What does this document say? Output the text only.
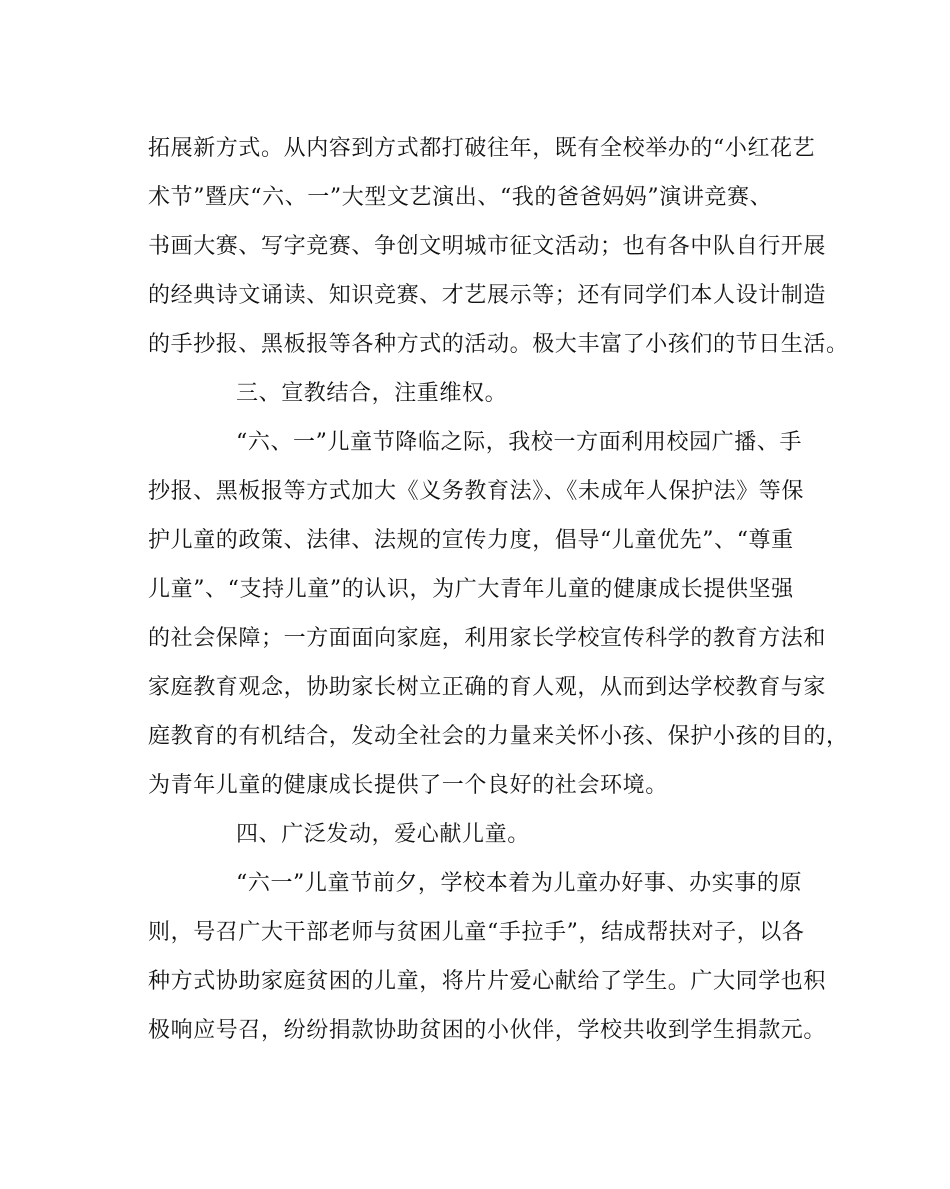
拓展新方式。从内容到方式都打破往年，既有全校举办的“小红花艺
术节”暨庆“六、一”大型文艺演出、“我的爸爸妈妈”演讲竞赛、
书画大赛、写字竞赛、争创文明城市征文活动；也有各中队自行开展
的经典诗文诵读、知识竞赛、才艺展示等；还有同学们本人设计制造
的手抄报、黑板报等各种方式的活动。极大丰富了小孩们的节日生活。
三、宣教结合，注重维权。
“六、一”儿童节降临之际，我校一方面利用校园广播、手
抄报、黑板报等方式加大《义务教育法》、《未成年人保护法》等保
护儿童的政策、法律、法规的宣传力度，倡导“儿童优先”、“尊重
儿童”、“支持儿童”的认识，为广大青年儿童的健康成长提供坚强
的社会保障；一方面面向家庭，利用家长学校宣传科学的教育方法和
家庭教育观念，协助家长树立正确的育人观，从而到达学校教育与家
庭教育的有机结合，发动全社会的力量来关怀小孩、保护小孩的目的，
为青年儿童的健康成长提供了一个良好的社会环境。
四、广泛发动，爱心献儿童。
“六一”儿童节前夕，学校本着为儿童办好事、办实事的原
则，号召广大干部老师与贫困儿童“手拉手”，结成帮扶对子，以各
种方式协助家庭贫困的儿童，将片片爱心献给了学生。广大同学也积
极响应号召，纷纷捐款协助贫困的小伙伴，学校共收到学生捐款元。
